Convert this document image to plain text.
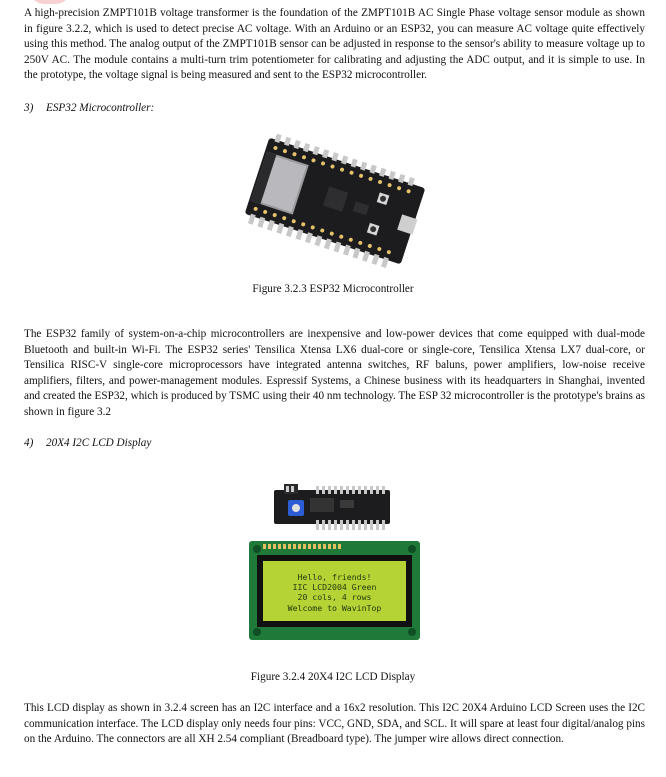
A high-precision ZMPT101B voltage transformer is the foundation of the ZMPT101B AC Single Phase voltage sensor module as shown in figure 3.2.2, which is used to detect precise AC voltage. With an Arduino or an ESP32, you can measure AC voltage quite effectively using this method. The analog output of the ZMPT101B sensor can be adjusted in response to the sensor's ability to measure voltage up to 250V AC. The module contains a multi-turn trim potentiometer for calibrating and adjusting the ADC output, and it is simple to use. In the prototype, the voltage signal is being measured and sent to the ESP32 microcontroller.

3) ESP32 Microcontroller:

Figure 3.2.3 ESP32 Microcontroller

The ESP32 family of system-on-a-chip microcontrollers are inexpensive and low-power devices that come equipped with dual-mode Bluetooth and built-in Wi-Fi. The ESP32 series' Tensilica Xtensa LX6 dual-core or single-core, Tensilica Xtensa LX7 dual-core, or Tensilica RISC-V single-core microprocessors have integrated antenna switches, RF baluns, power amplifiers, low-noise receive amplifiers, filters, and power-management modules. Espressif Systems, a Chinese business with its headquarters in Shanghai, invented and created the ESP32, which is produced by TSMC using their 40 nm technology. The ESP 32 microcontroller is the prototype's brains as shown in figure 3.2

4) 20X4 I2C LCD Display
Hello, friends!
IIC LCD2004 Green
20 cols, 4 rows
Welcome to WavinTop

Figure 3.2.4 20X4 I2C LCD Display

This LCD display as shown in 3.2.4 screen has an I2C interface and a 16x2 resolution. This I2C 20X4 Arduino LCD Screen uses the I2C communication interface. The LCD display only needs four pins: VCC, GND, SDA, and SCL. It will spare at least four digital/analog pins on the Arduino. The connectors are all XH 2.54 compliant (Breadboard type). The jumper wire allows direct connection.
